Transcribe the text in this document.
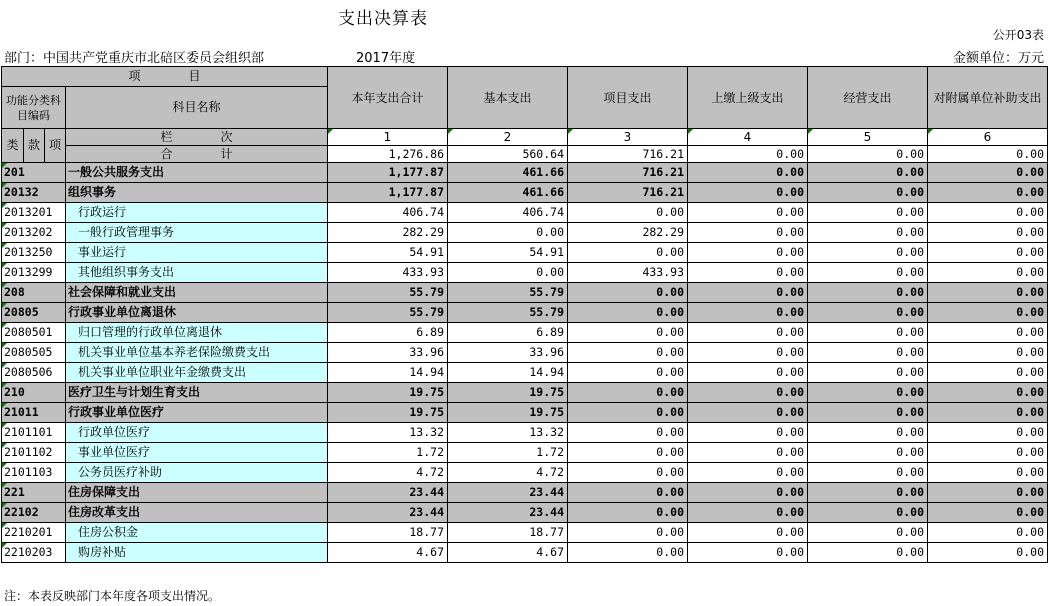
支出决算表
公开03表
部门：中国共产党重庆市北碚区委员会组织部	2017年度	金额单位：万元
项　　　　目				本年支出合计	基本支出	项目支出	上缴上级支出	经营支出	对附属单位补助支出
功能分类科目编码			科目名称						

类	款	项	栏　　　　次	1	2	3	4	5	6
			合　　　　计	1,276.86	560.64	716.21	0.00	0.00	0.00
201			一般公共服务支出	1,177.87	461.66	716.21	0.00	0.00	0.00
20132			组织事务	1,177.87	461.66	716.21	0.00	0.00	0.00
2013201			行政运行	406.74	406.74	0.00	0.00	0.00	0.00
2013202			一般行政管理事务	282.29	0.00	282.29	0.00	0.00	0.00
2013250			事业运行	54.91	54.91	0.00	0.00	0.00	0.00
2013299			其他组织事务支出	433.93	0.00	433.93	0.00	0.00	0.00
208			社会保障和就业支出	55.79	55.79	0.00	0.00	0.00	0.00
20805			行政事业单位离退休	55.79	55.79	0.00	0.00	0.00	0.00
2080501			归口管理的行政单位离退休	6.89	6.89	0.00	0.00	0.00	0.00
2080505			机关事业单位基本养老保险缴费支出	33.96	33.96	0.00	0.00	0.00	0.00
2080506			机关事业单位职业年金缴费支出	14.94	14.94	0.00	0.00	0.00	0.00
210			医疗卫生与计划生育支出	19.75	19.75	0.00	0.00	0.00	0.00
21011			行政事业单位医疗	19.75	19.75	0.00	0.00	0.00	0.00
2101101			行政单位医疗	13.32	13.32	0.00	0.00	0.00	0.00
2101102			事业单位医疗	1.72	1.72	0.00	0.00	0.00	0.00
2101103			公务员医疗补助	4.72	4.72	0.00	0.00	0.00	0.00
221			住房保障支出	23.44	23.44	0.00	0.00	0.00	0.00
22102			住房改革支出	23.44	23.44	0.00	0.00	0.00	0.00
2210201			住房公积金	18.77	18.77	0.00	0.00	0.00	0.00
2210203			购房补贴	4.67	4.67	0.00	0.00	0.00	0.00
注：本表反映部门本年度各项支出情况。
